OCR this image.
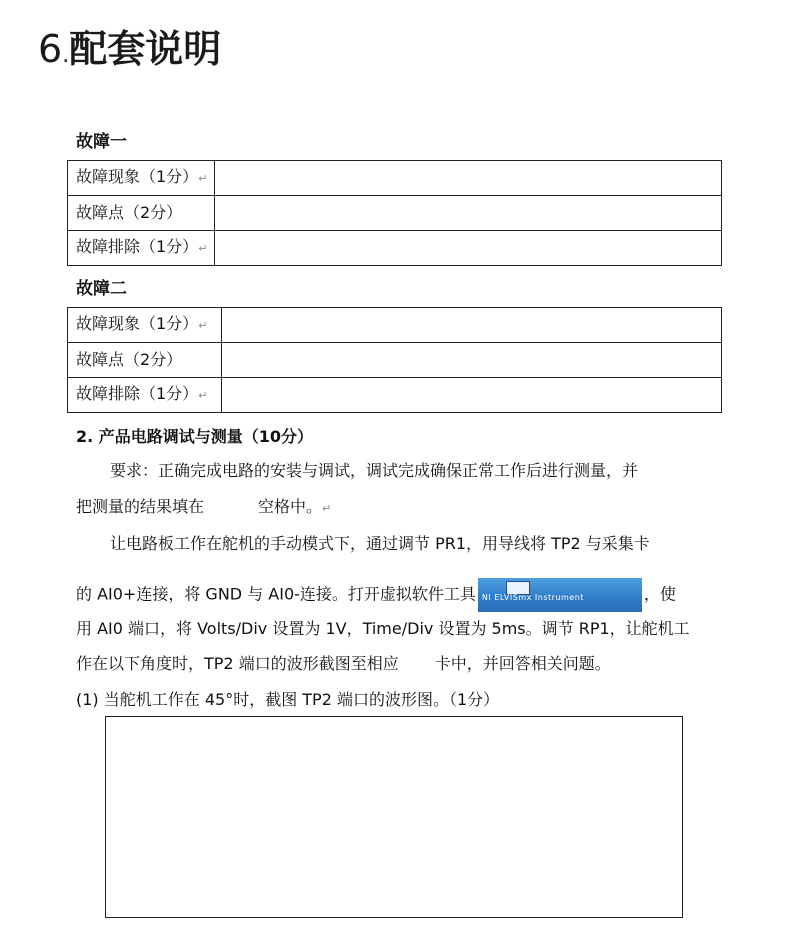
6.配套说明
故障一
故障现象（1分）↵	
故障点（2分）	
故障排除（1分）↵	
故障二
故障现象（1分）↵	
故障点（2分）	
故障排除（1分）↵	
2. 产品电路调试与测量（10分）
要求：正确完成电路的安装与调试，调试完成确保正常工作后进行测量，并
把测量的结果填在	空格中。↵
让电路板工作在舵机的手动模式下，通过调节 PR1，用导线将 TP2 与采集卡
的 AI0+连接，将 GND 与 AI0-连接。打开虚拟软件工具 NI ELVISmx Instrument	，使
用 AI0 端口，将 Volts/Div 设置为 1V，Time/Div 设置为 5ms。调节 RP1，让舵机工
作在以下角度时，TP2 端口的波形截图至相应 卡中，并回答相关问题。
(1) 当舵机工作在 45°时，截图 TP2 端口的波形图。（1分）
